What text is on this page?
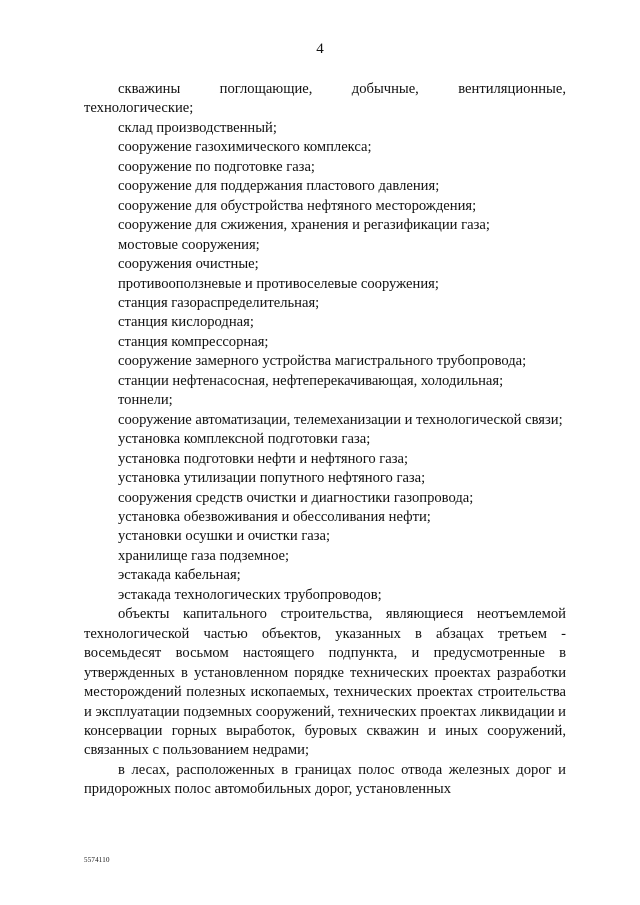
4

скважины поглощающие, добычные, вентиляционные, технологические;

склад производственный;

сооружение газохимического комплекса;

сооружение по подготовке газа;

сооружение для поддержания пластового давления;

сооружение для обустройства нефтяного месторождения;

сооружение для сжижения, хранения и регазификации газа;

мостовые сооружения;

сооружения очистные;

противооползневые и противоселевые сооружения;

станция газораспределительная;

станция кислородная;

станция компрессорная;

сооружение замерного устройства магистрального трубопровода;

станции нефтенасосная, нефтеперекачивающая, холодильная;

тоннели;

сооружение автоматизации, телемеханизации и технологической связи;

установка комплексной подготовки газа;

установка подготовки нефти и нефтяного газа;

установка утилизации попутного нефтяного газа;

сооружения средств очистки и диагностики газопровода;

установка обезвоживания и обессоливания нефти;

установки осушки и очистки газа;

хранилище газа подземное;

эстакада кабельная;

эстакада технологических трубопроводов;

объекты капитального строительства, являющиеся неотъемлемой технологической частью объектов, указанных в абзацах третьем - восемьдесят восьмом настоящего подпункта, и предусмотренные в утвержденных в установленном порядке технических проектах разработки месторождений полезных ископаемых, технических проектах строительства и эксплуатации подземных сооружений, технических проектах ликвидации и консервации горных выработок, буровых скважин и иных сооружений, связанных с пользованием недрами;

в лесах, расположенных в границах полос отвода железных дорог и придорожных полос автомобильных дорог, установленных

5574110
